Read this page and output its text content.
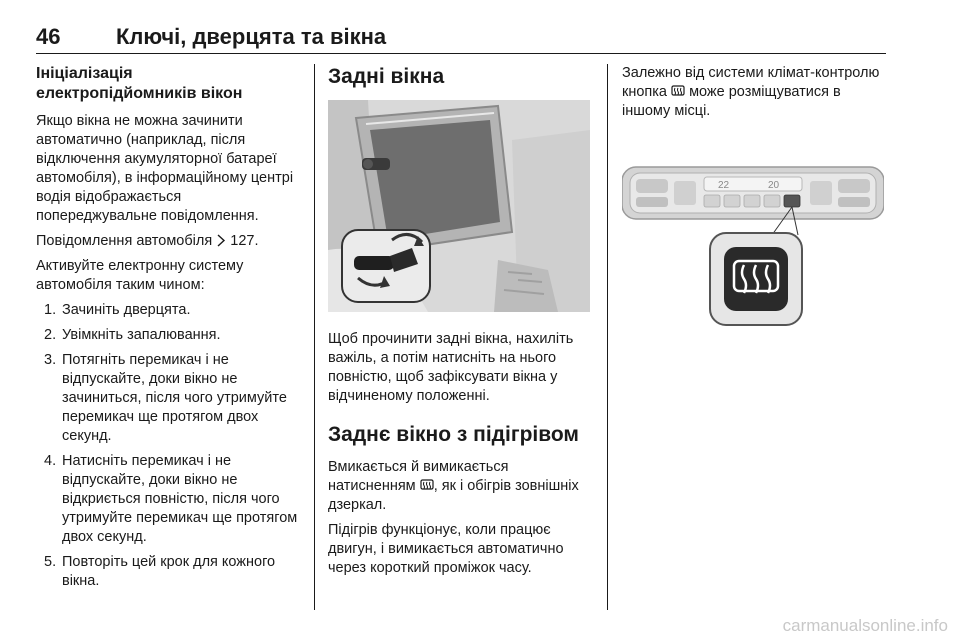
46	Ключі, дверцята та вікна
Ініціалізація
електропідйомників вікон

Якщо вікна не можна зачинити автоматично (наприклад, після відключення акумуляторної батареї автомобіля), в інформаційному центрі водія відображається попереджувальне повідомлення.

Повідомлення автомобіля 127.

Активуйте електронну систему автомобіля таким чином:

1. Зачиніть дверцята.
2. Увімкніть запалювання.
3. Потягніть перемикач і не відпускайте, доки вікно не зачиниться, після чого утримуйте перемикач ще протягом двох секунд.
4. Натисніть перемикач і не відпускайте, доки вікно не відкриється повністю, після чого утримуйте перемикач ще протягом двох секунд.
5. Повторіть цей крок для кожного вікна.
Задні вікна

Щоб прочинити задні вікна, нахиліть важіль, а потім натисніть на нього повністю, щоб зафіксувати вікна у відчиненому положенні.

Заднє вікно з підігрівом

Вмикається й вимикається натисненням , як і обігрів зовнішніх дзеркал.

Підігрів функціонує, коли працює двигун, і вимикається автоматично через короткий проміжок часу.

Залежно від системи клімат-контролю кнопка може розміщуватися в іншому місці.

22	20
carmanualsonline.info
